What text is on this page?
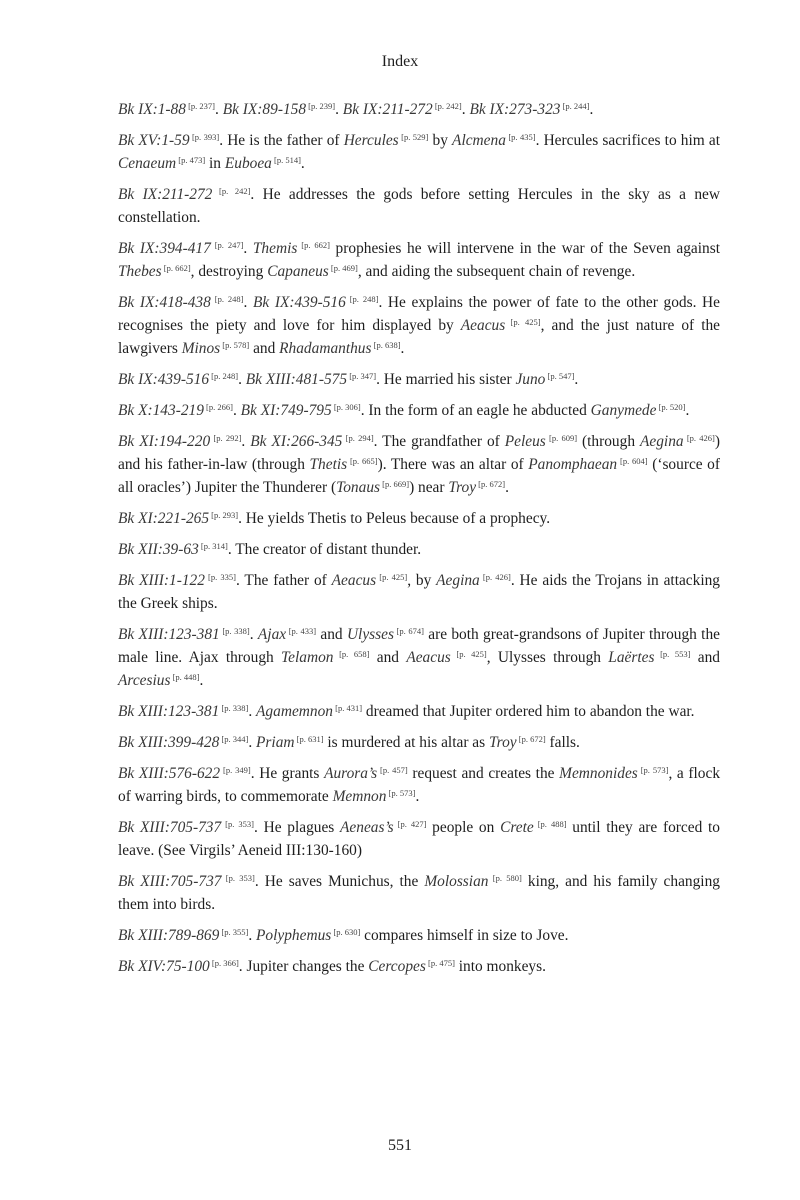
Index

Bk IX:1-88 [p. 237]. Bk IX:89-158 [p. 239]. Bk IX:211-272 [p. 242]. Bk IX:273-323 [p. 244].

Bk XV:1-59 [p. 393]. He is the father of Hercules [p. 529] by Alcmena [p. 435]. Hercules sacrifices to him at Cenaeum [p. 473] in Euboea [p. 514].

Bk IX:211-272 [p. 242]. He addresses the gods before setting Hercules in the sky as a new constellation.

Bk IX:394-417 [p. 247]. Themis [p. 662] prophesies he will intervene in the war of the Seven against Thebes [p. 662], destroying Capaneus [p. 469], and aiding the subsequent chain of revenge.

Bk IX:418-438 [p. 248]. Bk IX:439-516 [p. 248]. He explains the power of fate to the other gods. He recognises the piety and love for him displayed by Aeacus [p. 425], and the just nature of the lawgivers Minos [p. 578] and Rhadamanthus [p. 638].

Bk IX:439-516 [p. 248]. Bk XIII:481-575 [p. 347]. He married his sister Juno [p. 547].

Bk X:143-219 [p. 266]. Bk XI:749-795 [p. 306]. In the form of an eagle he abducted Ganymede [p. 520].

Bk XI:194-220 [p. 292]. Bk XI:266-345 [p. 294]. The grandfather of Peleus [p. 609] (through Aegina [p. 426]) and his father-in-law (through Thetis [p. 665]). There was an altar of Panomphaean [p. 604] (‘source of all oracles’) Jupiter the Thunderer (Tonaus [p. 669]) near Troy [p. 672].

Bk XI:221-265 [p. 293]. He yields Thetis to Peleus because of a prophecy.

Bk XII:39-63 [p. 314]. The creator of distant thunder.

Bk XIII:1-122 [p. 335]. The father of Aeacus [p. 425], by Aegina [p. 426]. He aids the Trojans in attacking the Greek ships.

Bk XIII:123-381 [p. 338]. Ajax [p. 433] and Ulysses [p. 674] are both great-grandsons of Jupiter through the male line. Ajax through Telamon [p. 658] and Aeacus [p. 425], Ulysses through Laërtes [p. 553] and Arcesius [p. 448].

Bk XIII:123-381 [p. 338]. Agamemnon [p. 431] dreamed that Jupiter ordered him to abandon the war.

Bk XIII:399-428 [p. 344]. Priam [p. 631] is murdered at his altar as Troy [p. 672] falls.

Bk XIII:576-622 [p. 349]. He grants Aurora’s [p. 457] request and creates the Memnonides [p. 573], a flock of warring birds, to commemorate Memnon [p. 573].

Bk XIII:705-737 [p. 353]. He plagues Aeneas’s [p. 427] people on Crete [p. 488] until they are forced to leave. (See Virgils’ Aeneid III:130-160)

Bk XIII:705-737 [p. 353]. He saves Munichus, the Molossian [p. 580] king, and his family changing them into birds.

Bk XIII:789-869 [p. 355]. Polyphemus [p. 630] compares himself in size to Jove.

Bk XIV:75-100 [p. 366]. Jupiter changes the Cercopes [p. 475] into monkeys.

551
